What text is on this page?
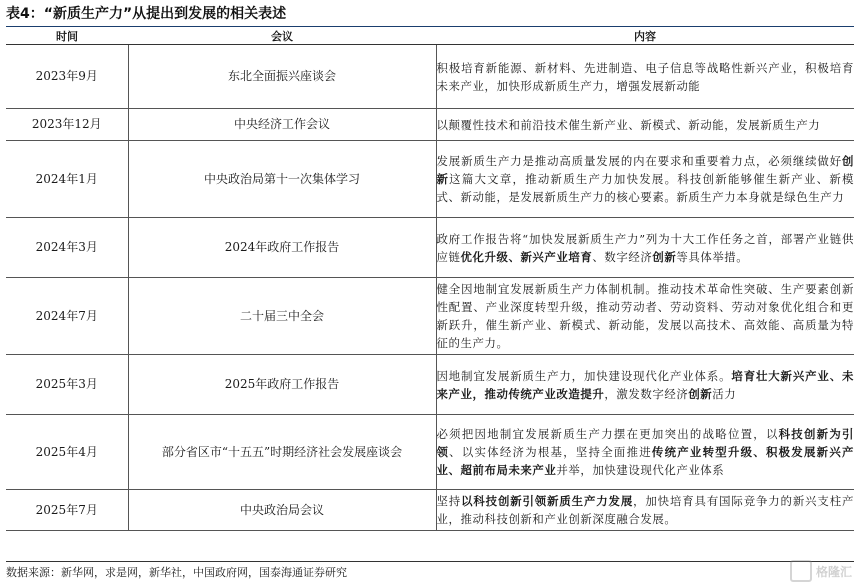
表4：“新质生产力”从提出到发展的相关表述
时间	会议	内容
2023年9月	东北全面振兴座谈会	积极培育新能源、新材料、先进制造、电子信息等战略性新兴产业，积极培育未来产业，加快形成新质生产力，增强发展新动能
2023年12月	中央经济工作会议	以颠覆性技术和前沿技术催生新产业、新模式、新动能，发展新质生产力
2024年1月	中央政治局第十一次集体学习	发展新质生产力是推动高质量发展的内在要求和重要着力点，必须继续做好创新这篇大文章，推动新质生产力加快发展。科技创新能够催生新产业、新模式、新动能，是发展新质生产力的核心要素。新质生产力本身就是绿色生产力
2024年3月	2024年政府工作报告	政府工作报告将“加快发展新质生产力”列为十大工作任务之首，部署产业链供应链优化升级、新兴产业培育、数字经济创新等具体举措。
2024年7月	二十届三中全会	健全因地制宜发展新质生产力体制机制。推动技术革命性突破、生产要素创新性配置、产业深度转型升级，推动劳动者、劳动资料、劳动对象优化组合和更新跃升，催生新产业、新模式、新动能，发展以高技术、高效能、高质量为特征的生产力。
2025年3月	2025年政府工作报告	因地制宜发展新质生产力，加快建设现代化产业体系。培育壮大新兴产业、未来产业，推动传统产业改造提升，激发数字经济创新活力
2025年4月	部分省区市“十五五”时期经济社会发展座谈会	必须把因地制宜发展新质生产力摆在更加突出的战略位置，以科技创新为引领、以实体经济为根基，坚持全面推进传统产业转型升级、积极发展新兴产业、超前布局未来产业并举，加快建设现代化产业体系
2025年7月	中央政治局会议	坚持以科技创新引领新质生产力发展，加快培育具有国际竞争力的新兴支柱产业，推动科技创新和产业创新深度融合发展。
数据来源：新华网，求是网，新华社，中国政府网，国泰海通证券研究	格隆汇
